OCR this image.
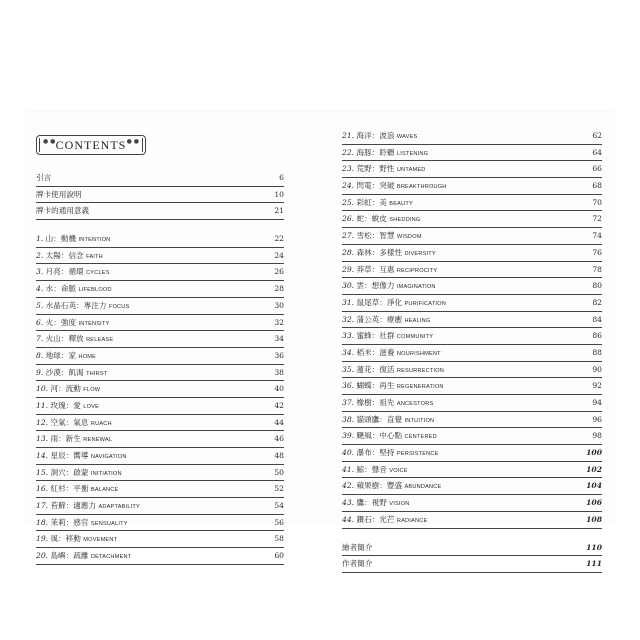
● ●	● ●
CONTENTS
引言	6
牌卡使用說明	10
牌卡的通用意義	21
1. 山：動機 INTENTION	22
2. 太陽：信念 FAITH	24
3. 月亮：循環 CYCLES	26
4. 水：命脈 LIFEBLOOD	28
5. 水晶石英：專注力 FOCUS	30
6. 火：強度 INTENSITY	32
7. 火山：釋放 RELEASE	34
8. 地球：家 HOME	36
9. 沙漠：飢渴 THIRST	38
10. 河：流動 FLOW	40
11. 玫瑰：愛 LOVE	42
12. 空氣：氣息 RUACH	44
13. 雨：新生 RENEWAL	46
14. 星辰：嚮導 NAVIGATION	48
15. 洞穴：啟蒙 INITIATION	50
16. 紅杉：平衡 BALANCE	52
17. 苔蘚：適應力 ADAPTABILITY	54
18. 茉莉：感官 SENSUALITY	56
19. 風：移動 MOVEMENT	58
20. 島嶼：疏離 DETACHMENT	60
21. 海洋：波浪 WAVES	62
22. 海豚：聆聽 LISTENING	64
23. 荒野：野性 UNTAMED	66
24. 閃電：突破 BREAKTHROUGH	68
25. 彩虹：美 BEAUTY	70
26. 蛇：蛻皮 SHEDDING	72
27. 雪松：智慧 WISDOM	74
28. 森林：多樣性 DIVERSITY	76
29. 莽草：互惠 RECIPROCITY	78
30. 雲：想像力 IMAGINATION	80
31. 鼠尾草：淨化 PURIFICATION	82
32. 蒲公英：療癒 HEALING	84
33. 蜜蜂：社群 COMMUNITY	86
34. 稻米：滋養 NOURISHMENT	88
35. 蓮花：復活 RESURRECTION	90
36. 蝴蝶：再生 REGENERATION	92
37. 橡樹：祖先 ANCESTORS	94
38. 貓頭鷹：直覺 INTUITION	96
39. 颶風：中心點 CENTERED	98
40. 瀑布：堅持 PERSISTENCE	100
41. 鯨：聲音 VOICE	102
42. 蘋果樹：豐盛 ABUNDANCE	104
43. 鷹：視野 VISION	106
44. 鑽石：光芒 RADIANCE	108
繪者簡介	110
作者簡介	111
